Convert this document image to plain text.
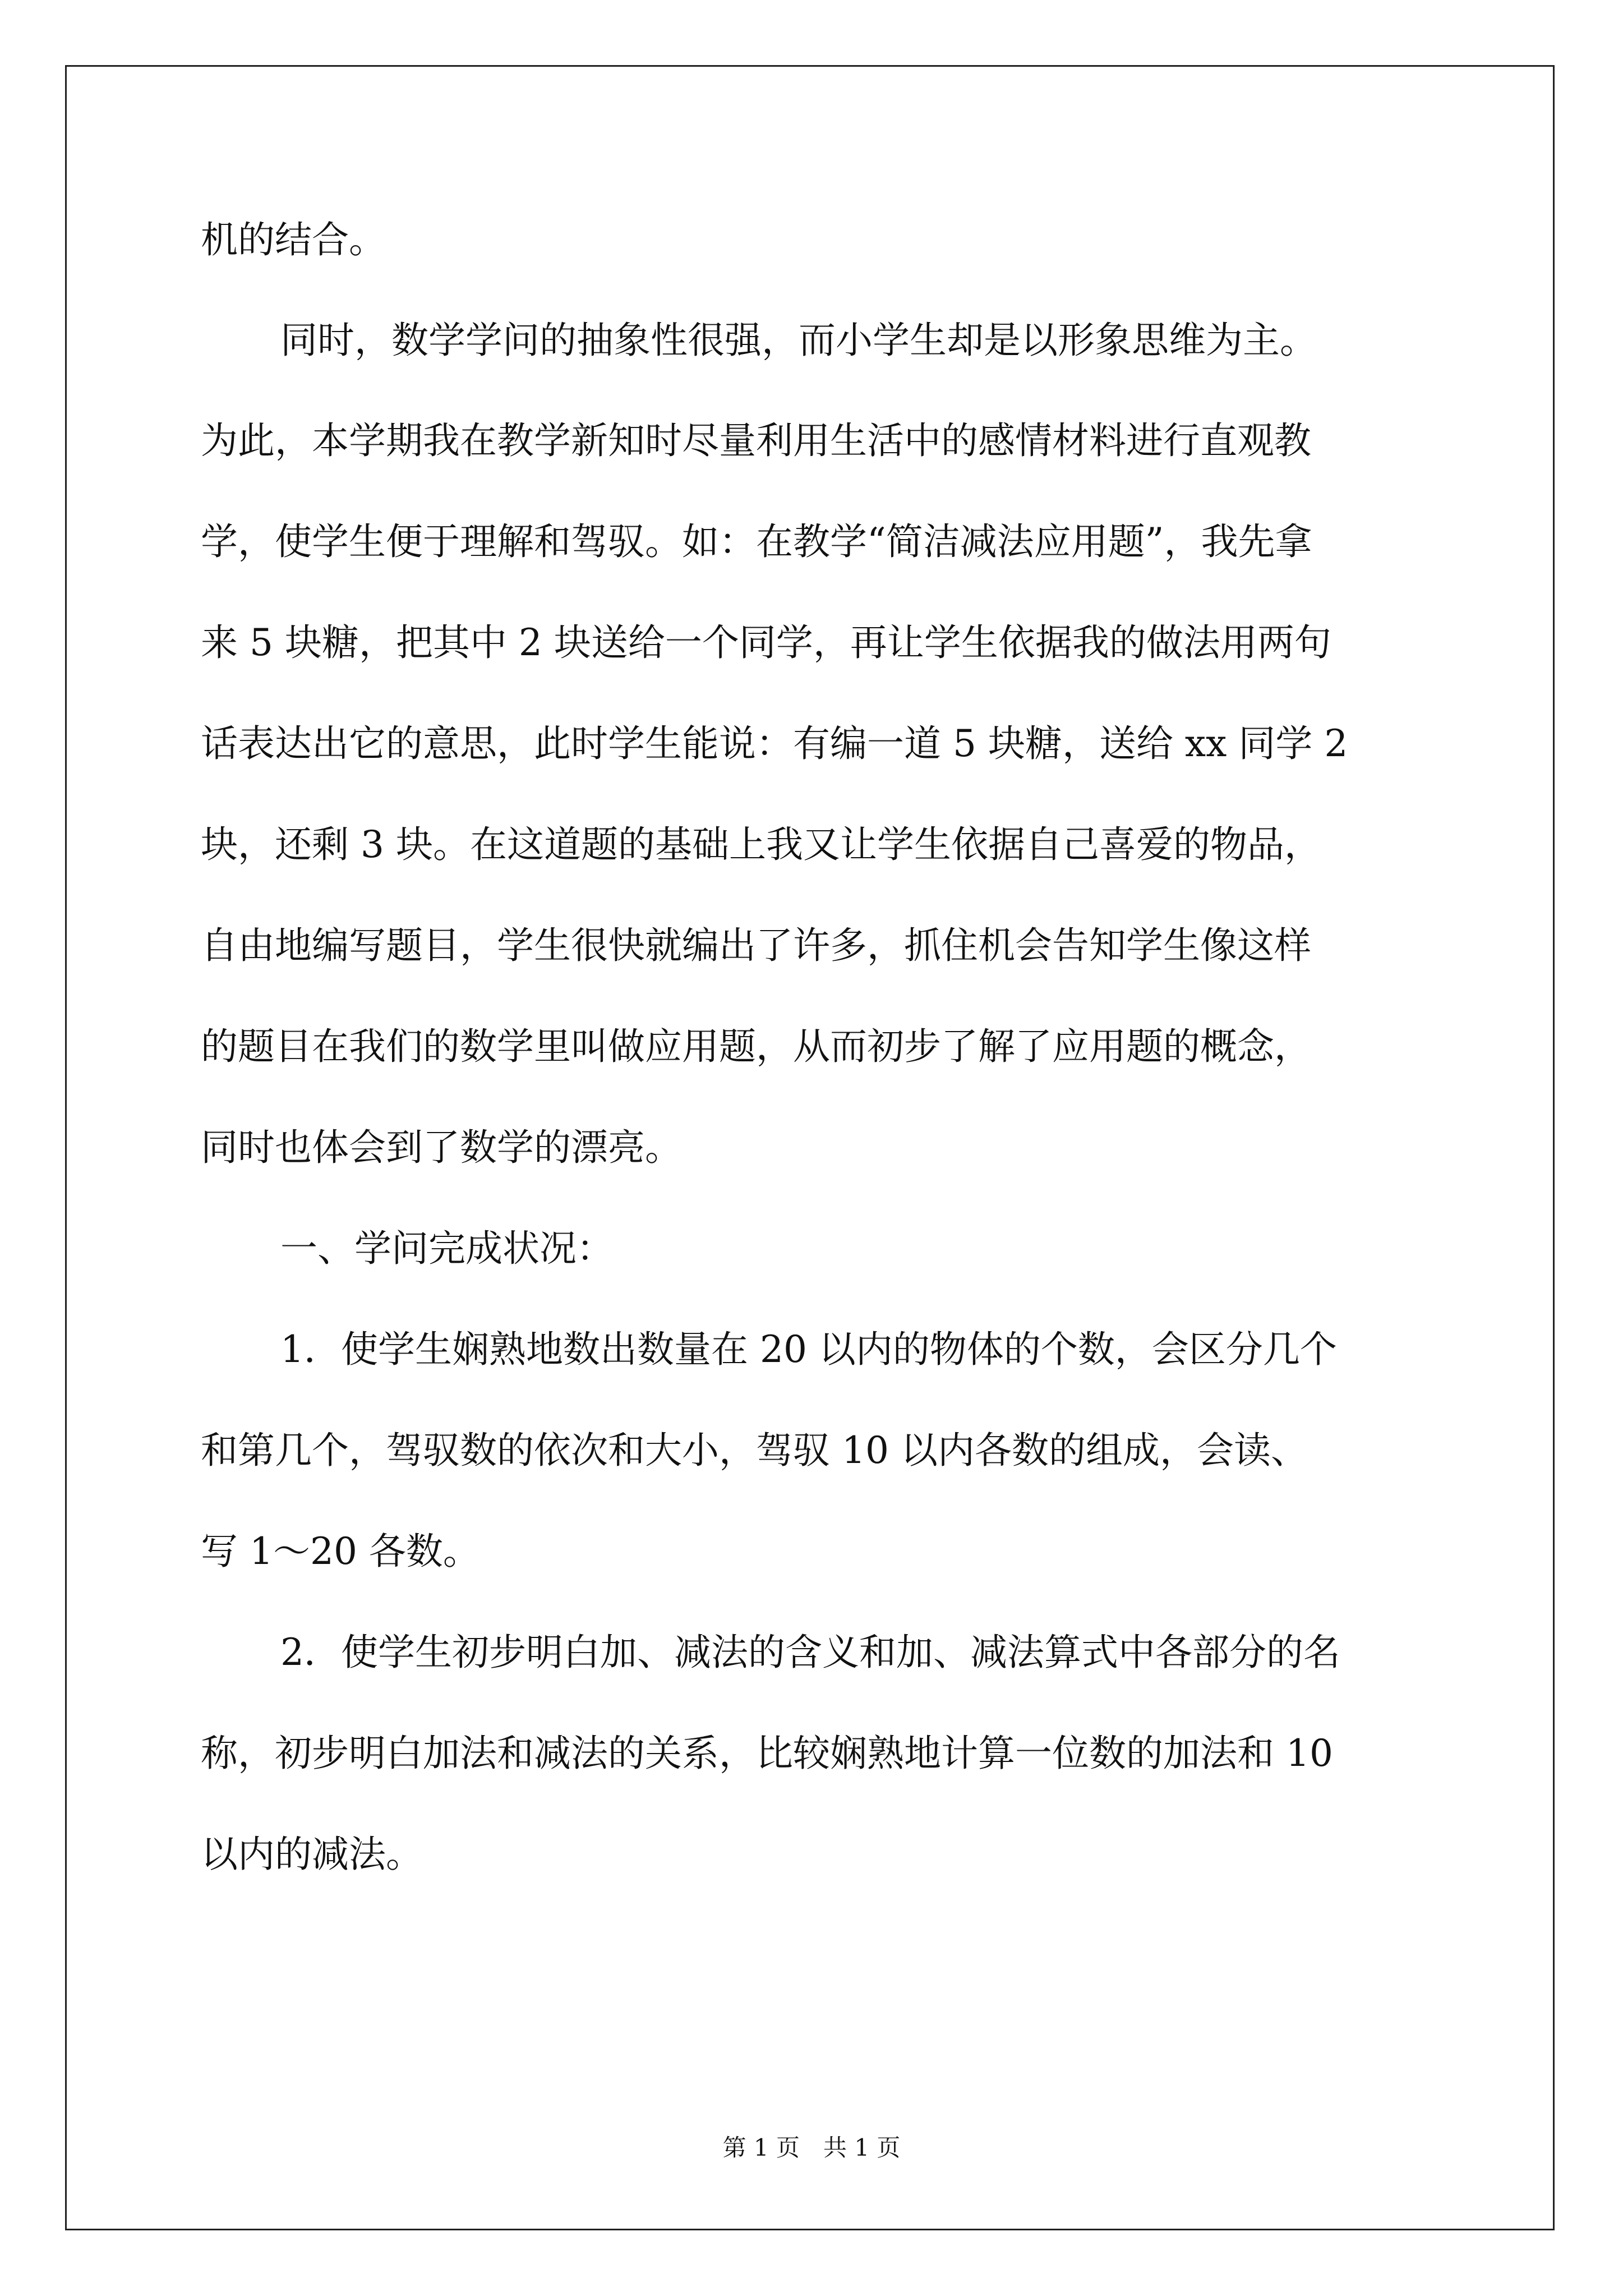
机的结合。
同时，数学学问的抽象性很强，而小学生却是以形象思维为主。
为此，本学期我在教学新知时尽量利用生活中的感情材料进行直观教
学，使学生便于理解和驾驭。如：在教学“简洁减法应用题”，我先拿
来 5 块糖，把其中 2 块送给一个同学，再让学生依据我的做法用两句
话表达出它的意思，此时学生能说：有编一道 5 块糖，送给 xx 同学 2
块，还剩 3 块。在这道题的基础上我又让学生依据自己喜爱的物品，
自由地编写题目，学生很快就编出了许多，抓住机会告知学生像这样
的题目在我们的数学里叫做应用题，从而初步了解了应用题的概念，
同时也体会到了数学的漂亮。
一、学问完成状况：
1．使学生娴熟地数出数量在 20 以内的物体的个数，会区分几个
和第几个，驾驭数的依次和大小，驾驭 10 以内各数的组成，会读、
写 1～20 各数。
2．使学生初步明白加、减法的含义和加、减法算式中各部分的名
称，初步明白加法和减法的关系，比较娴熟地计算一位数的加法和 10
以内的减法。
第 1 页　共 1 页
